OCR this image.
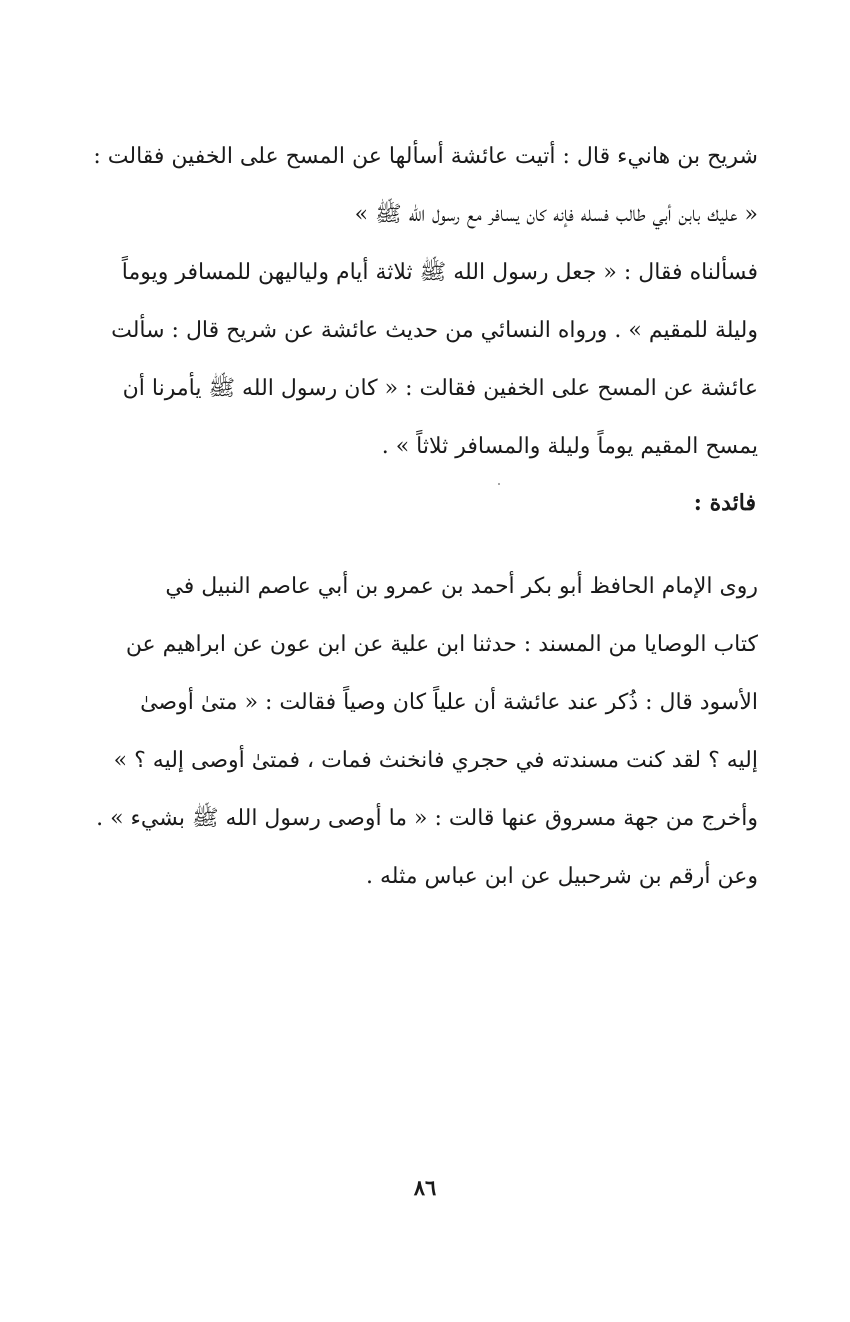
شريح بن هانيء قال : أتيت عائشة أسألها عن المسح على الخفين فقالت :
« عليك بابن أبي طالب فسله فإنه كان يسافر مع رسول الله ﷺ »
فسألناه فقال : « جعل رسول الله ﷺ ثلاثة أيام ولياليهن للمسافر ويوماً
وليلة للمقيم » . ورواه النسائي من حديث عائشة عن شريح قال : سألت
عائشة عن المسح على الخفين فقالت : « كان رسول الله ﷺ يأمرنا أن
يمسح المقيم يوماً وليلة والمسافر ثلاثاً » .
فائدة :
روى الإمام الحافظ أبو بكر أحمد بن عمرو بن أبي عاصم النبيل في
كتاب الوصايا من المسند : حدثنا ابن علية عن ابن عون عن ابراهيم عن
الأسود قال : ذُكر عند عائشة أن علياً كان وصياً فقالت : « متىٰ أوصىٰ
إليه ؟ لقد كنت مسندته في حجري فانخنث فمات ، فمتىٰ أوصى إليه ؟ »
وأخرج من جهة مسروق عنها قالت : « ما أوصى رسول الله ﷺ بشيء » .
وعن أرقم بن شرحبيل عن ابن عباس مثله .
٨٦
